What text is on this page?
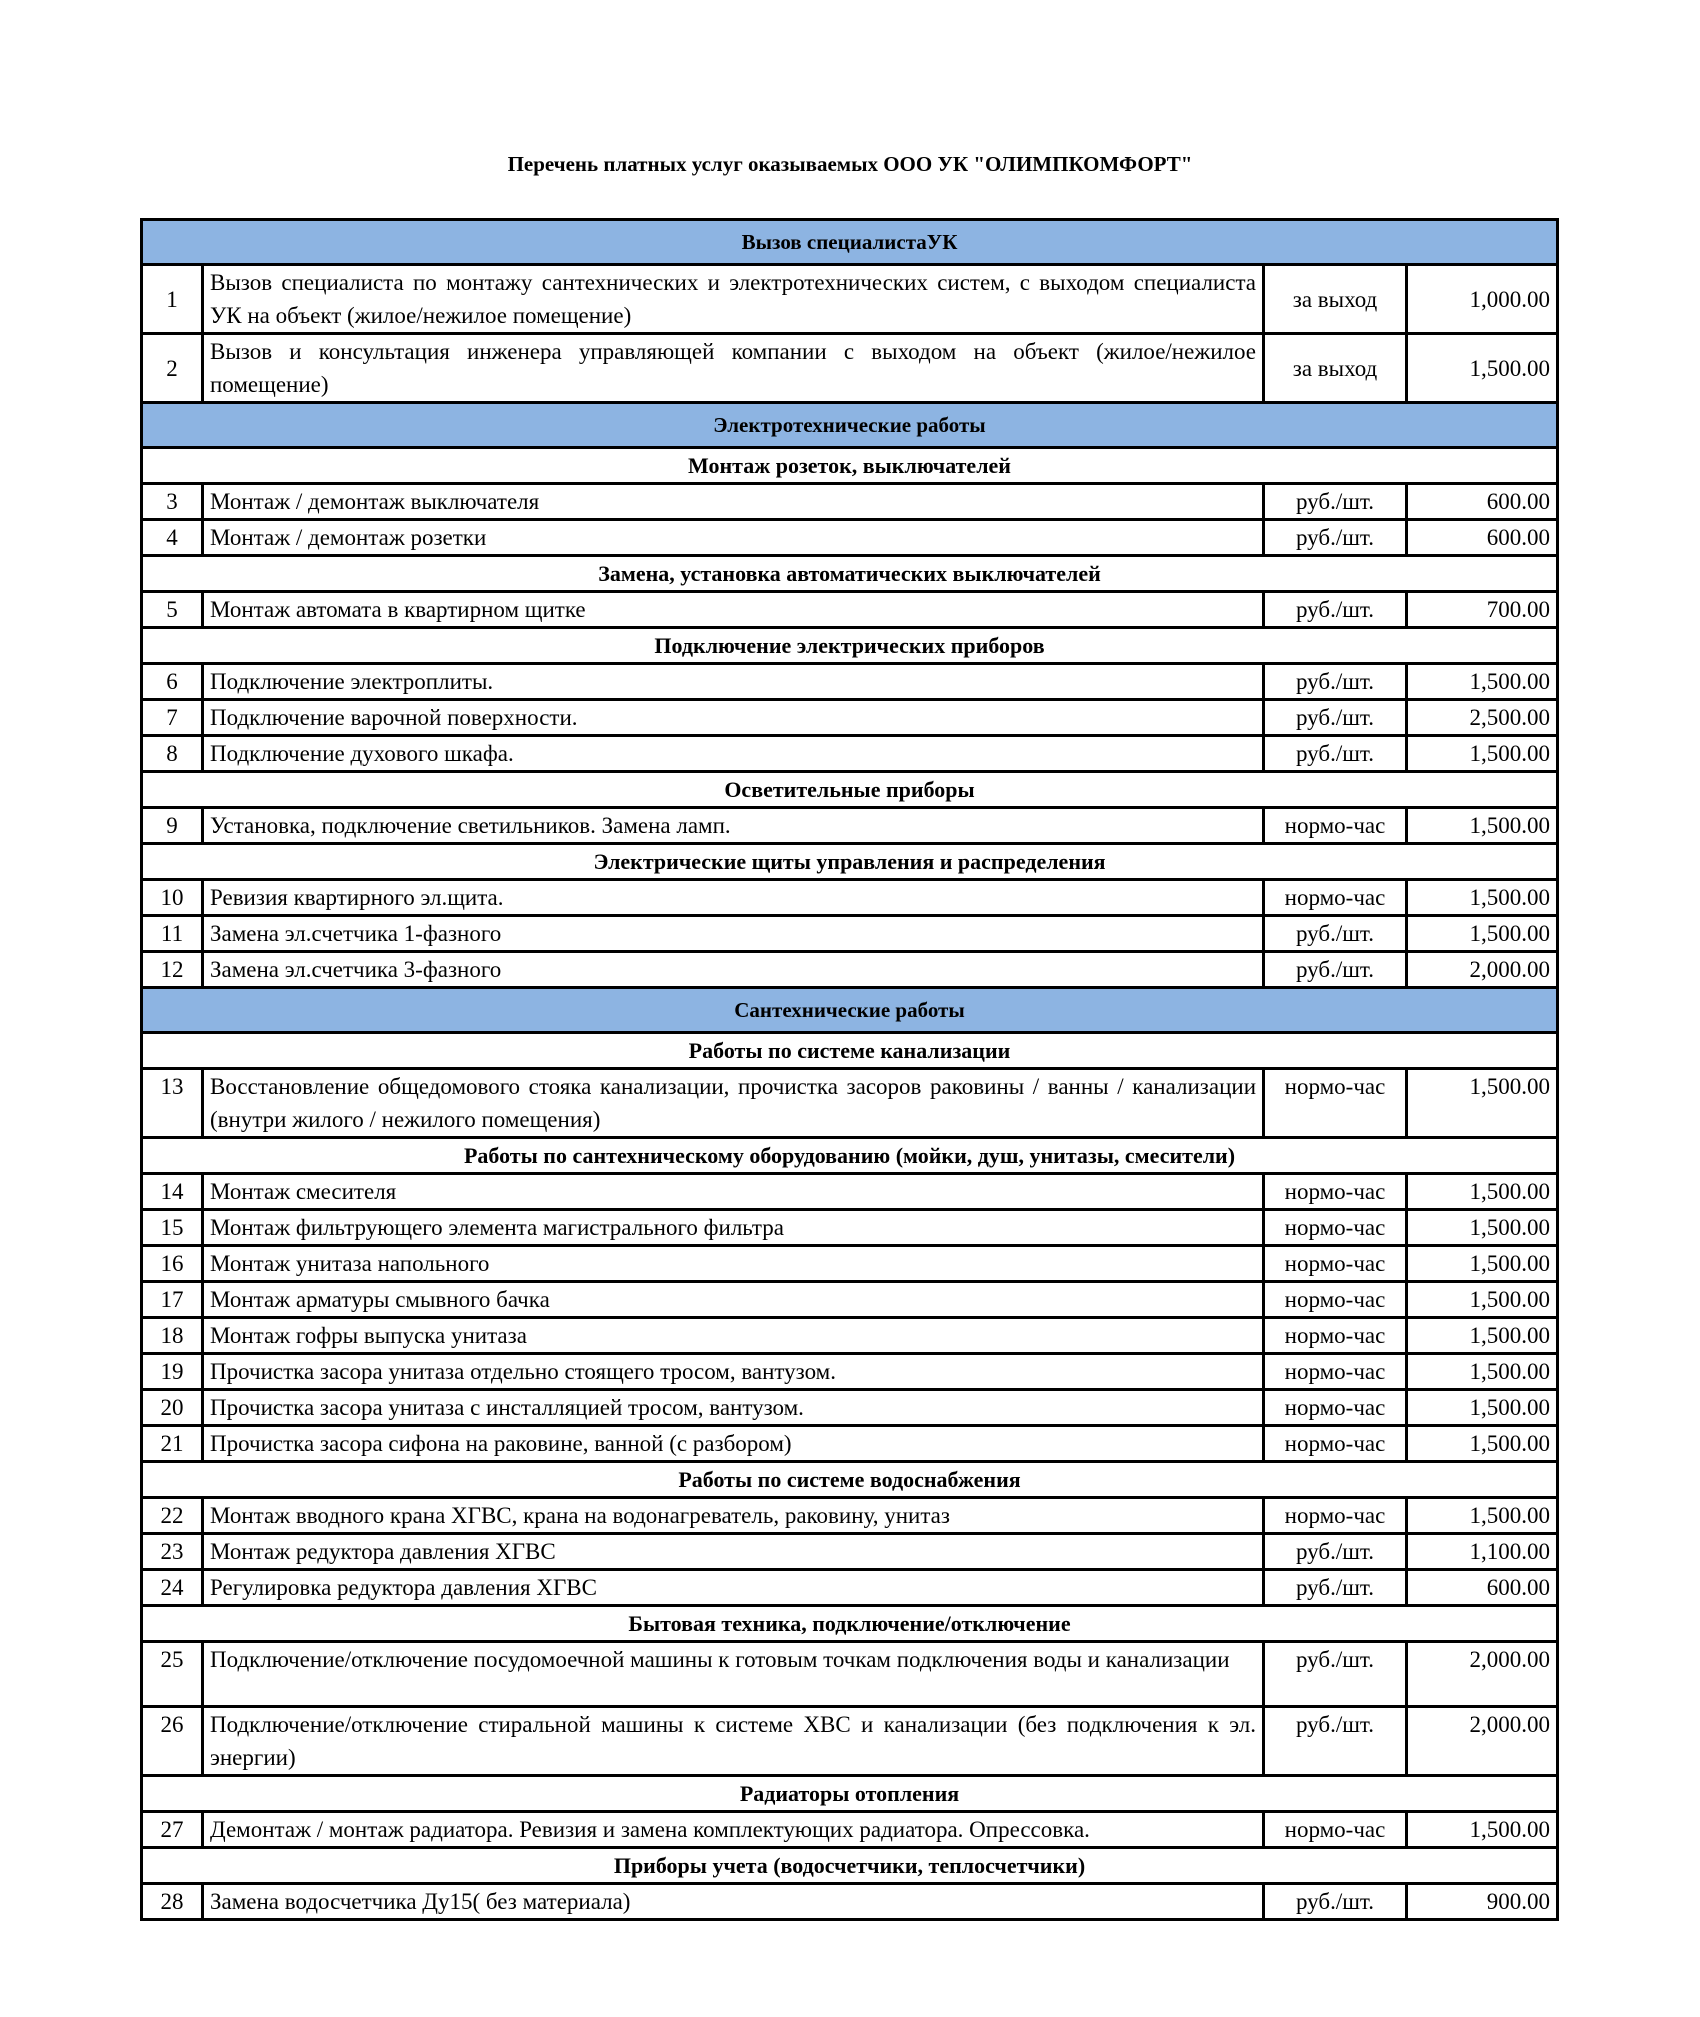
Перечень платных услуг оказываемых ООО УК "ОЛИМПКОМФОРТ"
Вызов специалистаУК			
1	Вызов специалиста по монтажу сантехнических и электротехнических систем, с выходом специалиста УК на объект (жилое/нежилое помещение)	за выход	1,000.00
2	Вызов и консультация инженера управляющей компании с выходом на объект (жилое/нежилое помещение)	за выход	1,500.00
Электротехнические работы			
Монтаж розеток, выключателей			
3	Монтаж / демонтаж выключателя	руб./шт.	600.00
4	Монтаж / демонтаж розетки	руб./шт.	600.00
Замена, установка автоматических выключателей			
5	Монтаж автомата в квартирном щитке	руб./шт.	700.00
Подключение электрических приборов			
6	Подключение электроплиты.	руб./шт.	1,500.00
7	Подключение варочной поверхности.	руб./шт.	2,500.00
8	Подключение духового шкафа.	руб./шт.	1,500.00
Осветительные приборы			
9	Установка, подключение светильников. Замена ламп.	нормо-час	1,500.00
Электрические щиты управления и распределения			
10	Ревизия квартирного эл.щита.	нормо-час	1,500.00
11	Замена эл.счетчика 1-фазного	руб./шт.	1,500.00
12	Замена эл.счетчика 3-фазного	руб./шт.	2,000.00
Сантехнические работы			
Работы по системе канализации			
13	Восстановление общедомового стояка канализации, прочистка засоров раковины / ванны / канализации (внутри жилого / нежилого помещения)	нормо-час	1,500.00
Работы по сантехническому оборудованию (мойки, душ, унитазы, смесители)			
14	Монтаж смесителя	нормо-час	1,500.00
15	Монтаж фильтрующего элемента магистрального фильтра	нормо-час	1,500.00
16	Монтаж унитаза напольного	нормо-час	1,500.00
17	Монтаж арматуры смывного бачка	нормо-час	1,500.00
18	Монтаж гофры выпуска унитаза	нормо-час	1,500.00
19	Прочистка засора унитаза отдельно стоящего тросом, вантузом.	нормо-час	1,500.00
20	Прочистка засора унитаза с инсталляцией тросом, вантузом.	нормо-час	1,500.00
21	Прочистка засора сифона на раковине, ванной (с разбором)	нормо-час	1,500.00
Работы по системе водоснабжения			
22	Монтаж вводного крана ХГВС, крана на водонагреватель, раковину, унитаз	нормо-час	1,500.00
23	Монтаж редуктора давления ХГВС	руб./шт.	1,100.00
24	Регулировка редуктора давления ХГВС	руб./шт.	600.00
Бытовая техника, подключение/отключение			
25	Подключение/отключение посудомоечной машины к готовым точкам подключения воды и канализации	руб./шт.	2,000.00
26	Подключение/отключение стиральной машины к системе ХВС и канализации (без подключения к эл. энергии)	руб./шт.	2,000.00
Радиаторы отопления			
27	Демонтаж / монтаж радиатора. Ревизия и замена комплектующих радиатора. Опрессовка.	нормо-час	1,500.00
Приборы учета (водосчетчики, теплосчетчики)			
28	Замена водосчетчика Ду15( без материала)	руб./шт.	900.00
